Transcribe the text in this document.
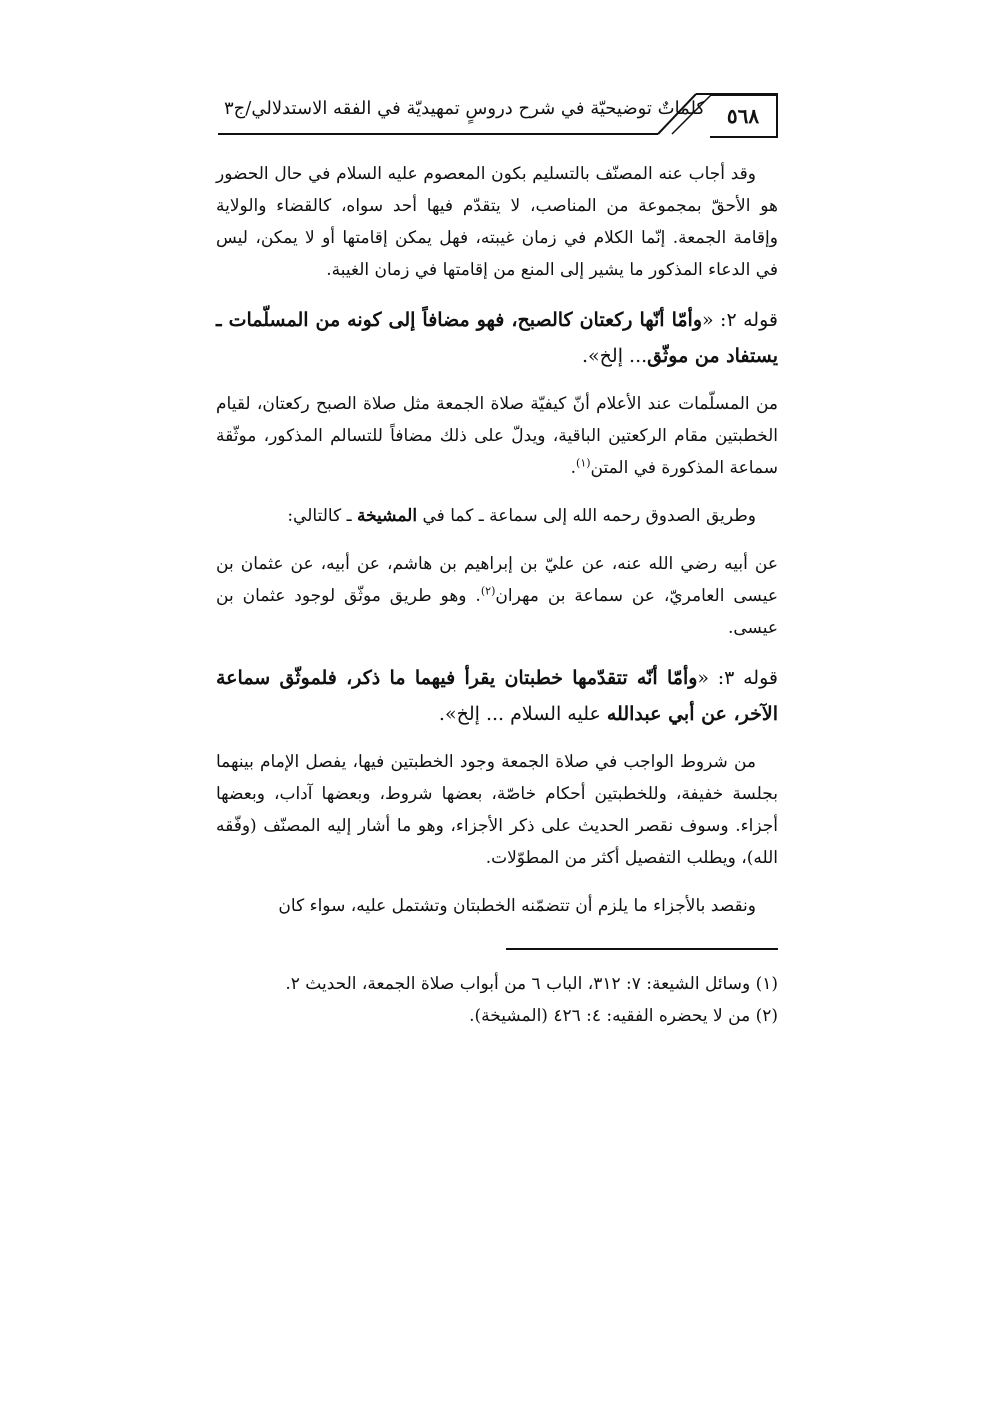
٥٦٨
كلماتٌ توضيحيّة في شرح دروسٍ تمهيديّة في الفقه الاستدلالي/ج٣

وقد أجاب عنه المصنّف بالتسليم بكون المعصوم عليه السلام في حال الحضور هو الأحقّ بمجموعة من المناصب، لا يتقدّم فيها أحد سواه، كالقضاء والولاية وإقامة الجمعة. إنّما الكلام في زمان غيبته، فهل يمكن إقامتها أو لا يمكن، ليس في الدعاء المذكور ما يشير إلى المنع من إقامتها في زمان الغيبة.

قوله ٢: «وأمّا أنّها ركعتان كالصبح، فهو مضافاً إلى كونه من المسلّمات ـ يستفاد من موثّق... إلخ».

من المسلّمات عند الأعلام أنّ كيفيّة صلاة الجمعة مثل صلاة الصبح ركعتان، لقيام الخطبتين مقام الركعتين الباقية، ويدلّ على ذلك مضافاً للتسالم المذكور، موثّقة سماعة المذكورة في المتن$^{(١)}$.

وطريق الصدوق رحمه الله إلى سماعة ـ كما في المشيخة ـ كالتالي:

عن أبيه رضي الله عنه، عن عليّ بن إبراهيم بن هاشم، عن أبيه، عن عثمان بن عيسى العامريّ، عن سماعة بن مهران$^{(٢)}$. وهو طريق موثّق لوجود عثمان بن عيسى.

قوله ٣: «وأمّا أنّه تتقدّمها خطبتان يقرأ فيهما ما ذكر، فلموثّق سماعة الآخر، عن أبي عبدالله عليه السلام ... إلخ».

من شروط الواجب في صلاة الجمعة وجود الخطبتين فيها، يفصل الإمام بينهما بجلسة خفيفة، وللخطبتين أحكام خاصّة، بعضها شروط، وبعضها آداب، وبعضها أجزاء. وسوف نقصر الحديث على ذكر الأجزاء، وهو ما أشار إليه المصنّف (وفّقه الله)، ويطلب التفصيل أكثر من المطوّلات.

ونقصد بالأجزاء ما يلزم أن تتضمّنه الخطبتان وتشتمل عليه، سواء كان

(١) وسائل الشيعة: ٧: ٣١٢، الباب ٦ من أبواب صلاة الجمعة، الحديث ٢.

(٢) من لا يحضره الفقيه: ٤: ٤٢٦ (المشيخة).
